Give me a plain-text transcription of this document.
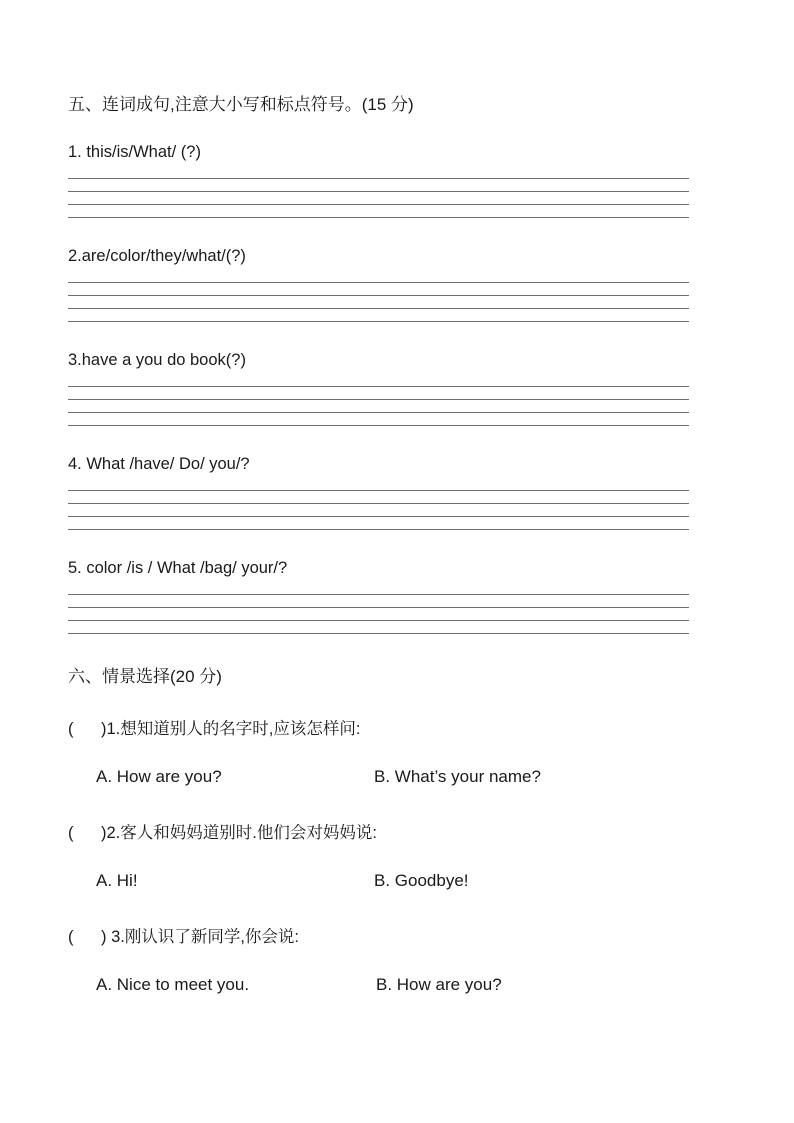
五、连词成句,注意大小写和标点符号。(15 分)
1. this/is/What/ (?)
2.are/color/they/what/(?)
3.have a you do book(?)
4. What /have/ Do/ you/?
5. color /is / What /bag/ your/?
六、情景选择(20 分)
(      )1.想知道别人的名字时,应该怎样问:
A. How are you?	B. What’s your name?
(      )2.客人和妈妈道别时.他们会对妈妈说:
A. Hi!	B. Goodbye!
(      ) 3.刚认识了新同学,你会说:
A. Nice to meet you.	B. How are you?
